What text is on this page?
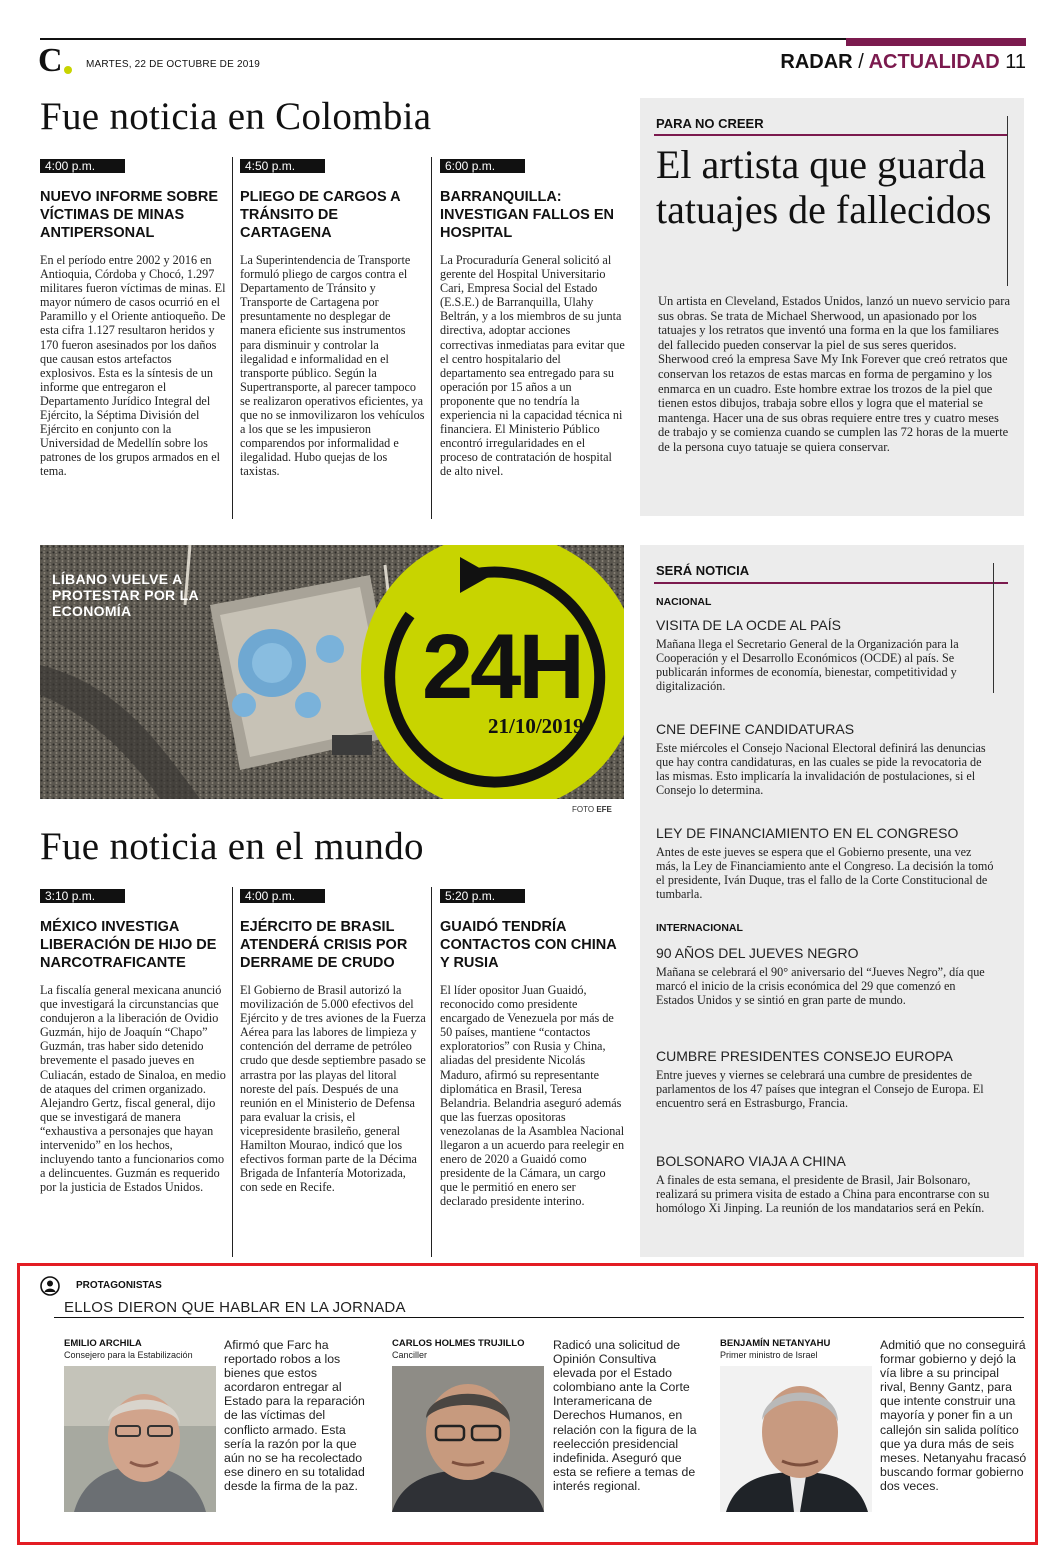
C MARTES, 22 DE OCTUBRE DE 2019	RADAR / ACTUALIDAD 11
Fue noticia en Colombia
4:00 p.m.
NUEVO INFORME SOBRE VÍCTIMAS DE MINAS ANTIPERSONAL
En el período entre 2002 y 2016 en Antioquia, Córdoba y Chocó, 1.297 militares fueron víctimas de minas. El mayor número de casos ocurrió en el Paramillo y el Oriente antioqueño. De esta cifra 1.127 resultaron heridos y 170 fueron asesinados por los daños que causan estos artefactos explosivos. Esta es la síntesis de un informe que entregaron el Departamento Jurídico Integral del Ejército, la Séptima División del Ejército en conjunto con la Universidad de Medellín sobre los patrones de los grupos armados en el tema.
4:50 p.m.
PLIEGO DE CARGOS A TRÁNSITO DE CARTAGENA
La Superintendencia de Transporte formuló pliego de cargos contra el Departamento de Tránsito y Transporte de Cartagena por presuntamente no desplegar de manera eficiente sus instrumentos para disminuir y controlar la ilegalidad e informalidad en el transporte público. Según la Supertransporte, al parecer tampoco se realizaron operativos eficientes, ya que no se inmovilizaron los vehículos a los que se les impusieron comparendos por informalidad e ilegalidad. Hubo quejas de los taxistas.
6:00 p.m.
BARRANQUILLA: INVESTIGAN FALLOS EN HOSPITAL
La Procuraduría General solicitó al gerente del Hospital Universitario Cari, Empresa Social del Estado (E.S.E.) de Barranquilla, Ulahy Beltrán, y a los miembros de su junta directiva, adoptar acciones correctivas inmediatas para evitar que el centro hospitalario del departamento sea entregado para su operación por 15 años a un proponente que no tendría la experiencia ni la capacidad técnica ni financiera. El Ministerio Público encontró irregularidades en el proceso de contratación de hospital de alto nivel.
PARA NO CREER
El artista que guarda tatuajes de fallecidos
Un artista en Cleveland, Estados Unidos, lanzó un nuevo servicio para sus obras. Se trata de Michael Sherwood, un apasionado por los tatuajes y los retratos que inventó una forma en la que los familiares del fallecido pueden conservar la piel de sus seres queridos. Sherwood creó la empresa Save My Ink Forever que creó retratos que conservan los retazos de estas marcas en forma de pergamino y los enmarca en un cuadro. Este hombre extrae los trozos de la piel que tienen estos dibujos, trabaja sobre ellos y logra que el material se mantenga. Hacer una de sus obras requiere entre tres y cuatro meses de trabajo y se comienza cuando se cumplen las 72 horas de la muerte de la persona cuyo tatuaje se quiera conservar.
LÍBANO VUELVE A PROTESTAR POR LA ECONOMÍA
24H
21/10/2019
FOTO EFE
Fue noticia en el mundo
3:10 p.m.
MÉXICO INVESTIGA LIBERACIÓN DE HIJO DE NARCOTRAFICANTE
La fiscalía general mexicana anunció que investigará la circunstancias que condujeron a la liberación de Ovidio Guzmán, hijo de Joaquín “Chapo” Guzmán, tras haber sido detenido brevemente el pasado jueves en Culiacán, estado de Sinaloa, en medio de ataques del crimen organizado. Alejandro Gertz, fiscal general, dijo que se investigará de manera “exhaustiva a personajes que hayan intervenido” en los hechos, incluyendo tanto a funcionarios como a delincuentes. Guzmán es requerido por la justicia de Estados Unidos.
4:00 p.m.
EJÉRCITO DE BRASIL ATENDERÁ CRISIS POR DERRAME DE CRUDO
El Gobierno de Brasil autorizó la movilización de 5.000 efectivos del Ejército y de tres aviones de la Fuerza Aérea para las labores de limpieza y contención del derrame de petróleo crudo que desde septiembre pasado se arrastra por las playas del litoral noreste del país. Después de una reunión en el Ministerio de Defensa para evaluar la crisis, el vicepresidente brasileño, general Hamilton Mourao, indicó que los efectivos forman parte de la Décima Brigada de Infantería Motorizada, con sede en Recife.
5:20 p.m.
GUAIDÓ TENDRÍA CONTACTOS CON CHINA Y RUSIA
El líder opositor Juan Guaidó, reconocido como presidente encargado de Venezuela por más de 50 países, mantiene “contactos exploratorios” con Rusia y China, aliadas del presidente Nicolás Maduro, afirmó su representante diplomática en Brasil, Teresa Belandria. Belandria aseguró además que las fuerzas opositoras venezolanas de la Asamblea Nacional llegaron a un acuerdo para reelegir en enero de 2020 a Guaidó como presidente de la Cámara, un cargo que le permitió en enero ser declarado presidente interino.
SERÁ NOTICIA
NACIONAL
VISITA DE LA OCDE AL PAÍS
Mañana llega el Secretario General de la Organización para la Cooperación y el Desarrollo Económicos (OCDE) al país. Se publicarán informes de economía, bienestar, competitividad y digitalización.
CNE DEFINE CANDIDATURAS
Este miércoles el Consejo Nacional Electoral definirá las denuncias que hay contra candidaturas, en las cuales se pide la revocatoria de las mismas. Esto implicaría la invalidación de postulaciones, si el Consejo lo determina.
LEY DE FINANCIAMIENTO EN EL CONGRESO
Antes de este jueves se espera que el Gobierno presente, una vez más, la Ley de Financiamiento ante el Congreso. La decisión la tomó el presidente, Iván Duque, tras el fallo de la Corte Constitucional de tumbarla.
INTERNACIONAL
90 AÑOS DEL JUEVES NEGRO
Mañana se celebrará el 90° aniversario del “Jueves Negro”, día que marcó el inicio de la crisis económica del 29 que comenzó en Estados Unidos y se sintió en gran parte de mundo.
CUMBRE PRESIDENTES CONSEJO EUROPA
Entre jueves y viernes se celebrará una cumbre de presidentes de parlamentos de los 47 países que integran el Consejo de Europa. El encuentro será en Estrasburgo, Francia.
BOLSONARO VIAJA A CHINA
A finales de esta semana, el presidente de Brasil, Jair Bolsonaro, realizará su primera visita de estado a China para encontrarse con su homólogo Xi Jinping. La reunión de los mandatarios será en Pekín.
PROTAGONISTAS
ELLOS DIERON QUE HABLAR EN LA JORNADA
EMILIO ARCHILA
Consejero para la Estabilización
Afirmó que Farc ha reportado robos a los bienes que estos acordaron entregar al Estado para la reparación de las víctimas del conflicto armado. Esta sería la razón por la que aún no se ha recolectado ese dinero en su totalidad desde la firma de la paz.
CARLOS HOLMES TRUJILLO
Canciller
Radicó una solicitud de Opinión Consultiva elevada por el Estado colombiano ante la Corte Interamericana de Derechos Humanos, en relación con la figura de la reelección presidencial indefinida. Aseguró que esta se refiere a temas de interés regional.
BENJAMÍN NETANYAHU
Primer ministro de Israel
Admitió que no conseguirá formar gobierno y dejó la vía libre a su principal rival, Benny Gantz, para que intente construir una mayoría y poner fin a un callejón sin salida político que ya dura más de seis meses. Netanyahu fracasó buscando formar gobierno dos veces.
